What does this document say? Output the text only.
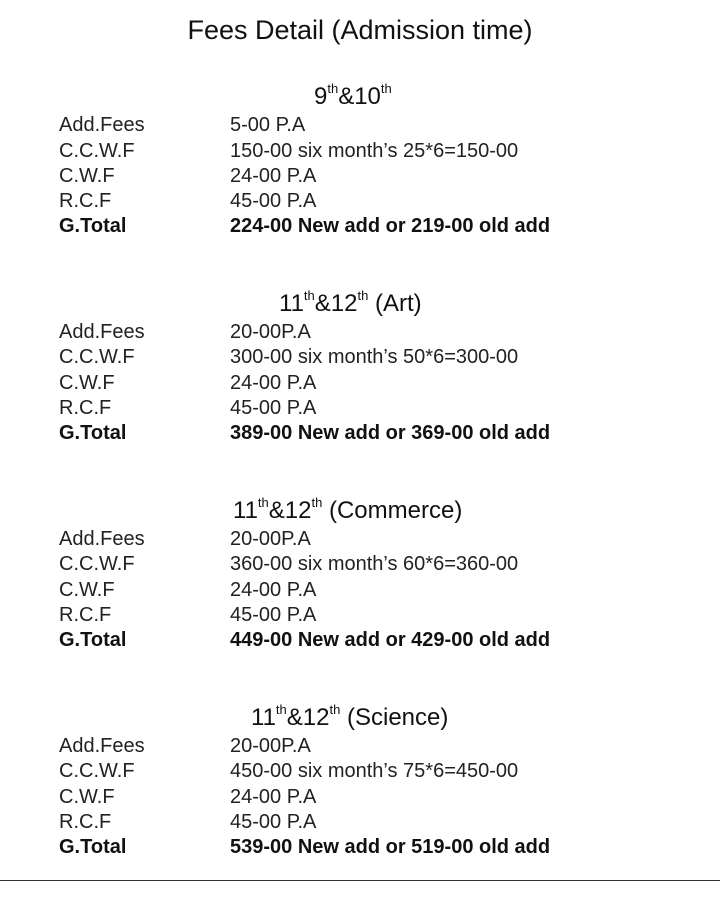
Fees Detail (Admission time)
9th&10th
Add.Fees	5-00 P.A
C.C.W.F	150-00 six month’s 25*6=150-00
C.W.F	24-00 P.A
R.C.F	45-00 P.A
G.Total	224-00 New add or 219-00 old add
11th&12th (Art)
Add.Fees	20-00P.A
C.C.W.F	300-00 six month’s 50*6=300-00
C.W.F	24-00 P.A
R.C.F	45-00 P.A
G.Total	389-00 New add or 369-00 old add
11th&12th (Commerce)
Add.Fees	20-00P.A
C.C.W.F	360-00 six month’s 60*6=360-00
C.W.F	24-00 P.A
R.C.F	45-00 P.A
G.Total	449-00 New add or 429-00 old add
11th&12th (Science)
Add.Fees	20-00P.A
C.C.W.F	450-00 six month’s 75*6=450-00
C.W.F	24-00 P.A
R.C.F	45-00 P.A
G.Total	539-00 New add or 519-00 old add
